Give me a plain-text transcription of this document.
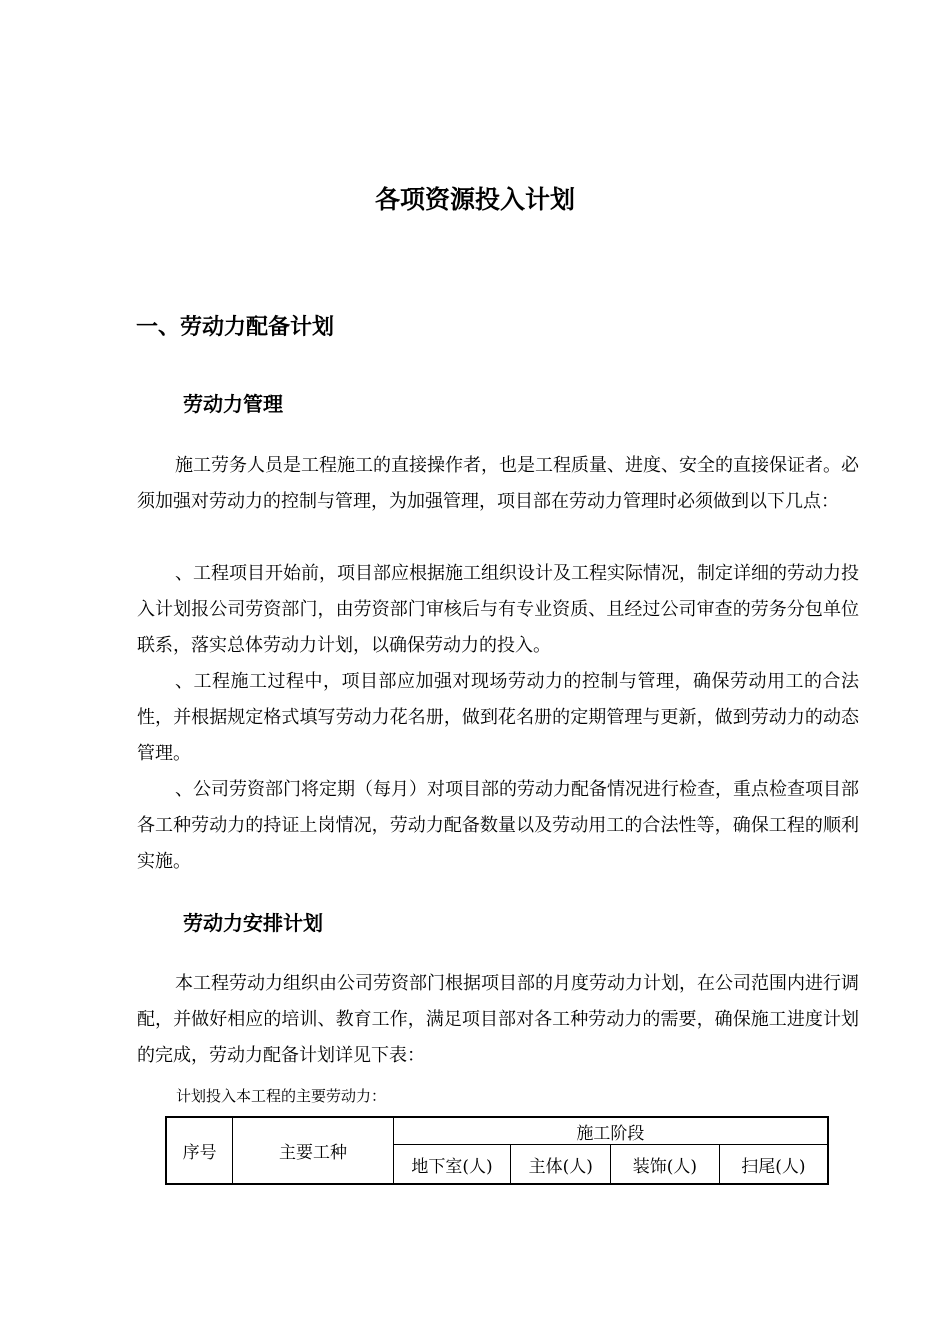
各项资源投入计划
一、劳动力配备计划
劳动力管理

施工劳务人员是工程施工的直接操作者，也是工程质量、进度、安全的直接保证者。必须加强对劳动力的控制与管理，为加强管理，项目部在劳动力管理时必须做到以下几点：

、工程项目开始前，项目部应根据施工组织设计及工程实际情况，制定详细的劳动力投入计划报公司劳资部门，由劳资部门审核后与有专业资质、且经过公司审查的劳务分包单位联系，落实总体劳动力计划，以确保劳动力的投入。

、工程施工过程中，项目部应加强对现场劳动力的控制与管理，确保劳动用工的合法性，并根据规定格式填写劳动力花名册，做到花名册的定期管理与更新，做到劳动力的动态管理。

、公司劳资部门将定期（每月）对项目部的劳动力配备情况进行检查，重点检查项目部各工种劳动力的持证上岗情况，劳动力配备数量以及劳动用工的合法性等，确保工程的顺利实施。

劳动力安排计划

本工程劳动力组织由公司劳资部门根据项目部的月度劳动力计划，在公司范围内进行调配，并做好相应的培训、教育工作，满足项目部对各工种劳动力的需要，确保施工进度计划的完成，劳动力配备计划详见下表：

计划投入本工程的主要劳动力：

序号	主要工种	施工阶段			
		地下室(人)	主体(人)	装饰(人)	扫尾(人)
